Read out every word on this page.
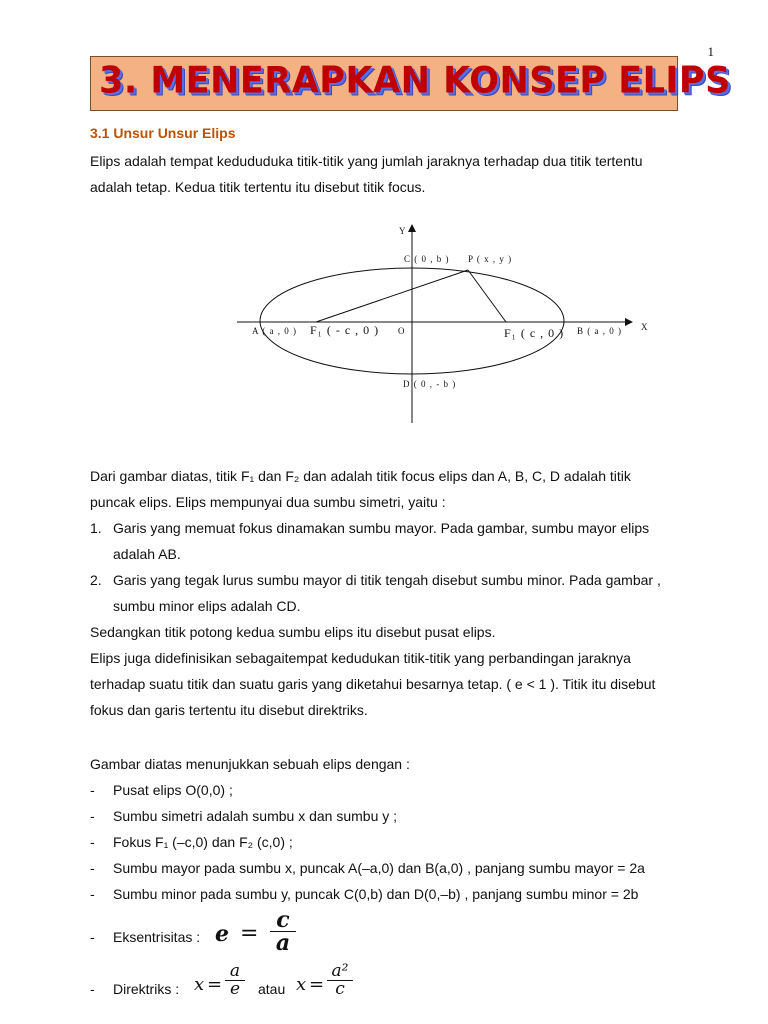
1
3. MENERAPKAN KONSEP ELIPS
3.1 Unsur Unsur Elips
Elips adalah tempat kedududuka titik-titik yang jumlah jaraknya terhadap dua titik tertentu
adalah tetap. Kedua titik tertentu itu disebut titik focus.
Y
X
C ( 0 , b ) P ( x , y )
A ( a , 0 ) F₁ ( - c , 0 ) O	F₁ ( c , 0 ) B ( a , 0 )
D ( 0 , - b )
Dari gambar diatas, titik F₁ dan F₂ dan adalah titik focus elips dan A, B, C, D adalah titik
puncak elips. Elips mempunyai dua sumbu simetri, yaitu :
1. Garis yang memuat fokus dinamakan sumbu mayor. Pada gambar, sumbu mayor elips
adalah AB.
2. Garis yang tegak lurus sumbu mayor di titik tengah disebut sumbu minor. Pada gambar ,
sumbu minor elips adalah CD.
Sedangkan titik potong kedua sumbu elips itu disebut pusat elips.
Elips juga didefinisikan sebagaitempat kedudukan titik-titik yang perbandingan jaraknya
terhadap suatu titik dan suatu garis yang diketahui besarnya tetap. ( e < 1 ). Titik itu disebut
fokus dan garis tertentu itu disebut direktriks.
Gambar diatas menunjukkan sebuah elips dengan :
- Pusat elips O(0,0) ;
- Sumbu simetri adalah sumbu x dan sumbu y ;
- Fokus F₁ (–c,0) dan F₂ (c,0) ;
- Sumbu mayor pada sumbu x, puncak A(–a,0) dan B(a,0) , panjang sumbu mayor = 2a
- Sumbu minor pada sumbu y, puncak C(0,b) dan D(0,–b) , panjang sumbu minor = 2b
- Eksentrisitas : e =
c
a
- Direktriks : x =
a
e	atau x =
a²
c
